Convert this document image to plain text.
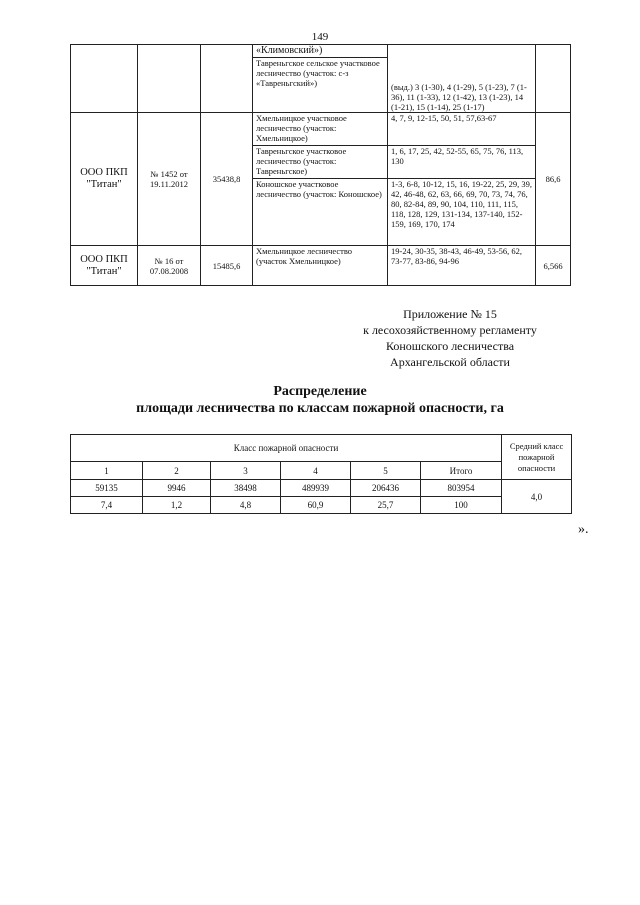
149

			«Климовский»)
Тавреньгское сельское участковое лесничество (участок: с-з «Тавреньгский»)	(выд.) 3 (1-30), 4 (1-29), 5 (1-23), 7 (1-36), 11 (1-33), 12 (1-42), 13 (1-23), 14 (1-21), 15 (1-14), 25 (1-17)	
ООО ПКП "Титан"	№ 1452 от 19.11.2012	35438,8	Хмельницкое участковое лесничество (участок: Хмельницкое)	4, 7, 9, 12-15, 50, 51, 57,63-67	86,6
			Тавреньгское участковое лесничество (участок: Тавреньгское)	1, 6, 17, 25, 42, 52-55, 65, 75, 76, 113, 130	
			Коношское участковое лесничество (участок: Коношское)	1-3, 6-8, 10-12, 15, 16, 19-22, 25, 29, 39, 42, 46-48, 62, 63, 66, 69, 70, 73, 74, 76, 80, 82-84, 89, 90, 104, 110, 111, 115, 118, 128, 129, 131-134, 137-140, 152-159, 169, 170, 174	
ООО ПКП "Титан"	№ 16 от 07.08.2008	15485,6	Хмельницкое лесничество (участок Хмельницкое)	19-24, 30-35, 38-43, 46-49, 53-56, 62, 73-77, 83-86, 94-96	6,566
Приложение № 15
к лесохозяйственному регламенту
Коношского лесничества
Архангельской области
Распределение
площади лесничества по классам пожарной опасности, га
Класс пожарной опасности						Средний класс пожарной опасности
1	2	3	4	5	Итого	
59135	9946	38498	489939	206436	803954	4,0
7,4	1,2	4,8	60,9	25,7	100	
».
